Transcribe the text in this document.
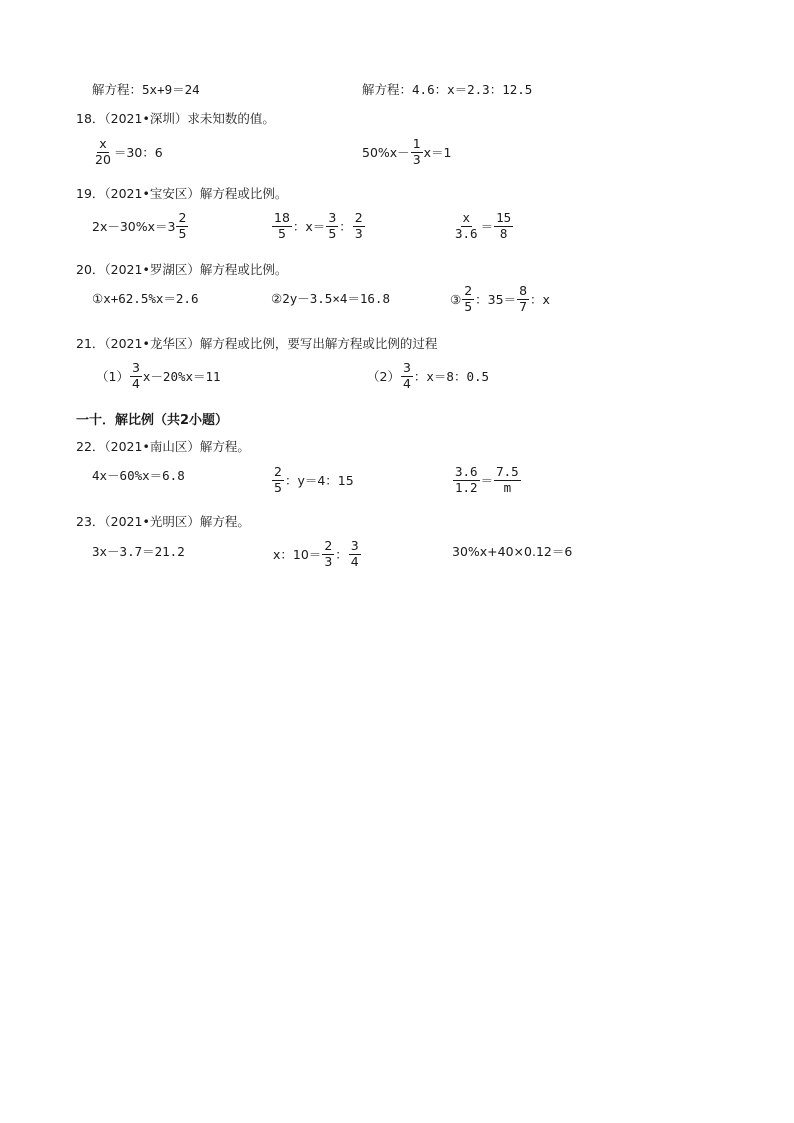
解方程： 5x+9＝24	解方程： 4.6：x＝2.3：12.5
18．（2021•深圳）求未知数的值。
$\frac{x}{20} =30$：6	$50\%x- \frac{1}{3} x=1$
19．（2021•宝安区）解方程或比例。
$2x-30\%x=3 \frac{2}{5}$	$\frac{18}{5}$ ：$x= \frac{3}{5}$ ： $\frac{2}{3}$	$\frac{x}{3.6} = \frac{15}{8}$
20．（2021•罗湖区）解方程或比例。
①x+62.5%x＝2.6	②2y－3.5×4＝16.8	③ $\frac{2}{5}$ ：$35= \frac{8}{7}$ ：x
21．（2021•龙华区）解方程或比例，要写出解方程或比例的过程
$(1) \frac{3}{4} x-20\%x=11$	$(2) \frac{3}{4}$ ：x＝8：0.5
一十．解比例（共2小题）
22．（2021•南山区）解方程。
4x－60%x＝6.8	$\frac{2}{5}$ ：y＝4：15	$\frac{3.6}{1.2} = \frac{7.5}{m}$
23．（2021•光明区）解方程。
3x－3.7＝21.2	x：$10= \frac{2}{3}$ ： $\frac{3}{4}$	30%x+40×0.12＝6
